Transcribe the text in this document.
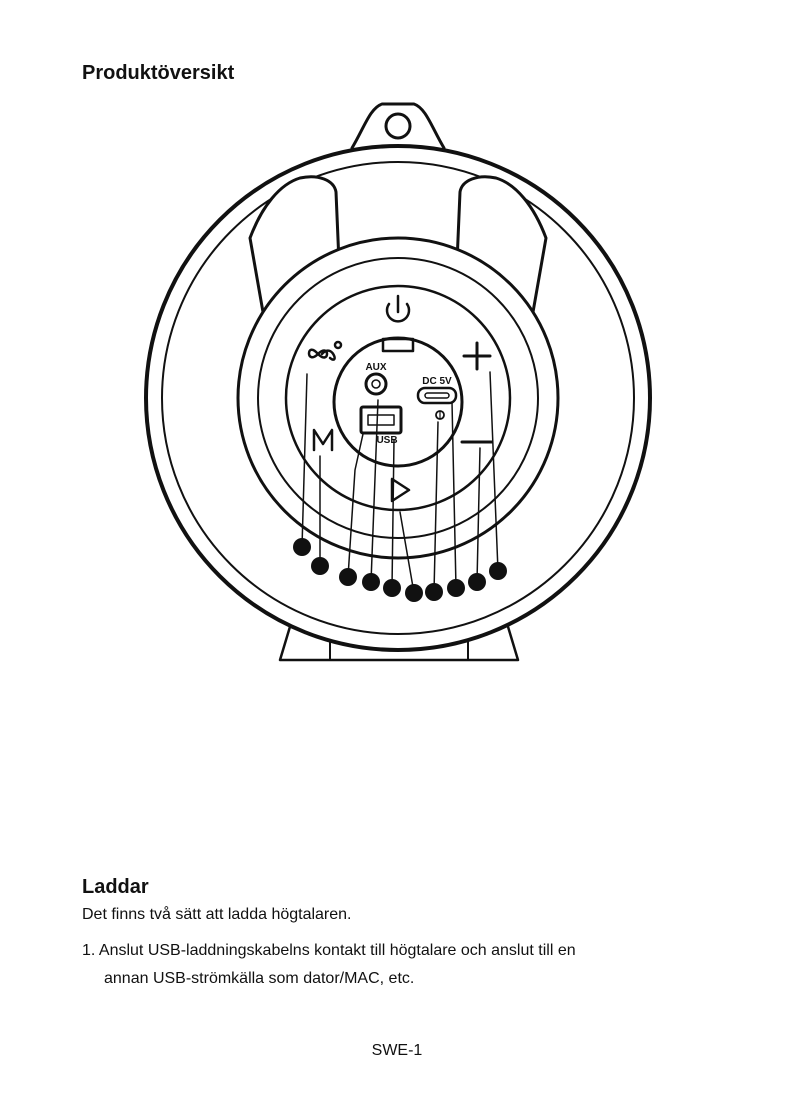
Produktöversikt
AUX
DC 5V
USB
Laddar

Det finns två sätt att ladda högtalaren.

1. Anslut USB-laddningskabelns kontakt till högtalare och anslut till en

annan USB-strömkälla som dator/MAC, etc.

SWE-1
